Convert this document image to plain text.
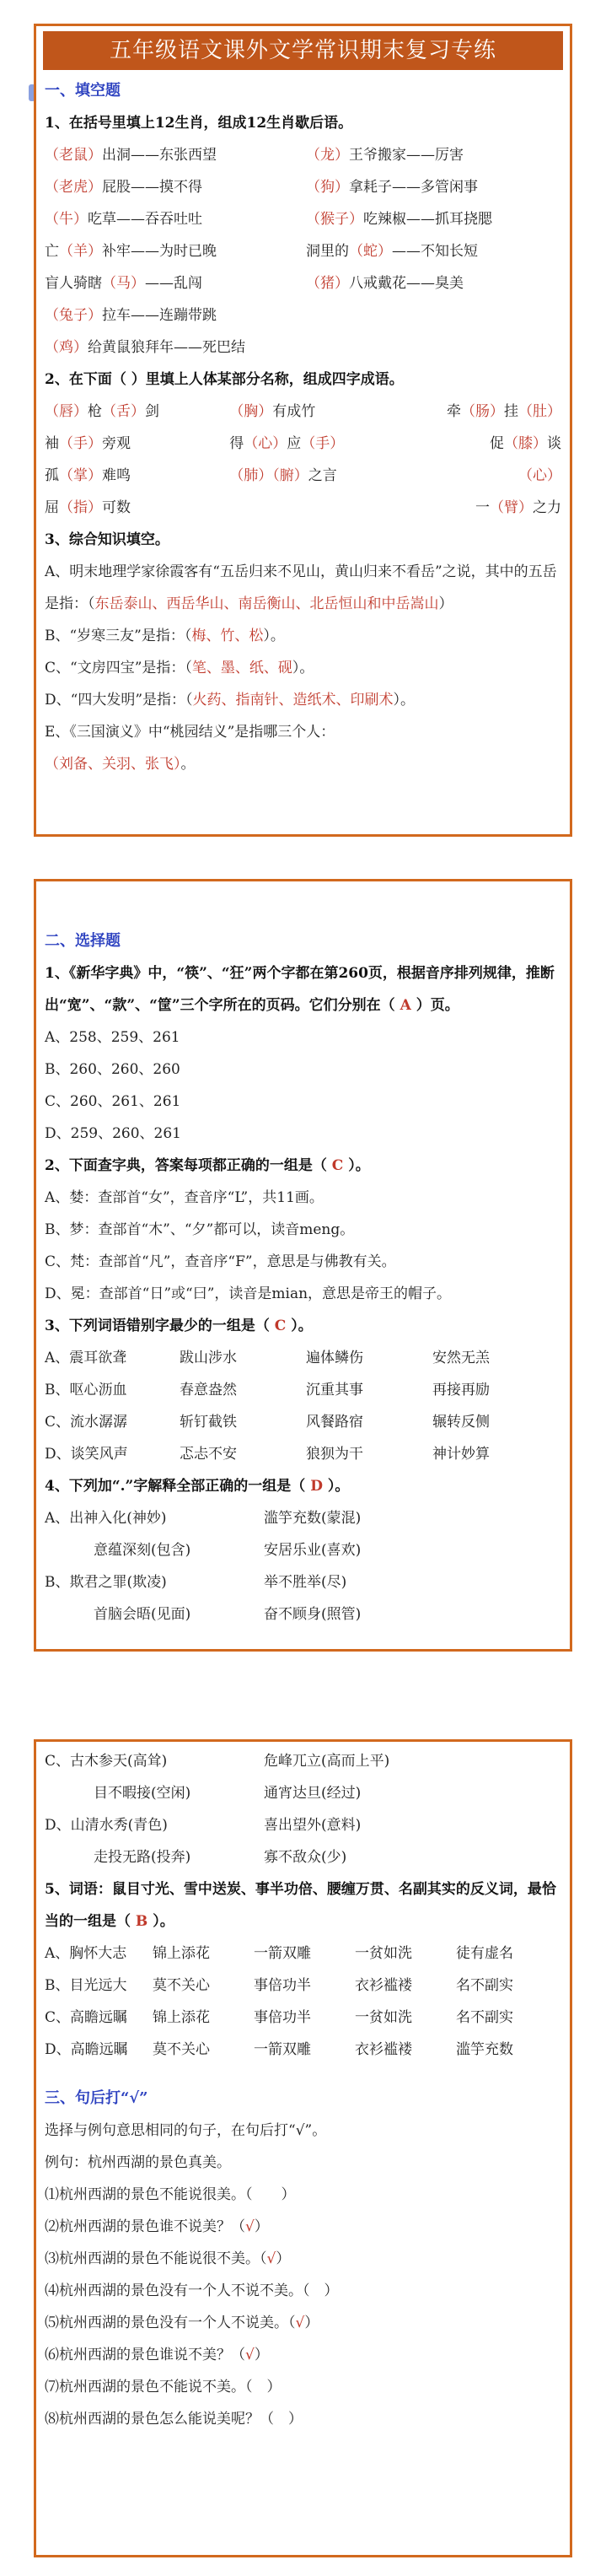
五年级语文课外文学常识期末复习专练
一、填空题
1、在括号里填上12生肖，组成12生肖歇后语。
（老鼠）出洞——东张西望	（龙）王爷搬家——厉害
（老虎）屁股——摸不得	（狗）拿耗子——多管闲事
（牛）吃草——吞吞吐吐	（猴子）吃辣椒——抓耳挠腮
亡（羊）补牢——为时已晚	洞里的（蛇）——不知长短
盲人骑瞎（马）——乱闯	（猪）八戒戴花——臭美
（兔子）拉车——连蹦带跳
（鸡）给黄鼠狼拜年——死巴结
2、在下面（ ）里填上人体某部分名称，组成四字成语。
（唇）枪（舌）剑	（胸）有成竹	牵（肠）挂（肚）
袖（手）旁观	得（心）应（手）	促（膝）谈
孤（掌）难鸣	（肺）（腑）之言	（心）
屈（指）可数	一（臂）之力
3、综合知识填空。
A、明末地理学家徐霞客有“五岳归来不见山，黄山归来不看岳”之说，其中的五岳是指：（东岳泰山、西岳华山、南岳衡山、北岳恒山和中岳嵩山）
B、“岁寒三友”是指：（梅、竹、松）。
C、“文房四宝”是指：（笔、墨、纸、砚）。
D、“四大发明”是指：（火药、指南针、造纸术、印刷术）。
E、《三国演义》中“桃园结义”是指哪三个人：
（刘备、关羽、张飞）。
二、选择题
1、《新华字典》中，“筷”、“狂”两个字都在第260页，根据音序排列规律，推断出“宽”、“款”、“筐”三个字所在的页码。它们分别在（ A ）页。
A、258、259、261
B、260、260、260
C、260、261、261
D、259、260、261
2、下面查字典，答案每项都正确的一组是（ C ）。
A、婪：查部首“女”，查音序“L”，共11画。
B、梦：查部首“木”、“夕”都可以，读音meng。
C、梵：查部首“凡”，查音序“F”，意思是与佛教有关。
D、冕：查部首“日”或“曰”，读音是mian，意思是帝王的帽子。
3、下列词语错别字最少的一组是（ C ）。
A、震耳欲聋	跋山涉水	遍体鳞伤	安然无羔
B、呕心沥血	春意盎然	沉重其事	再接再励
C、流水潺潺	斩钉截铁	风餐路宿	辗转反侧
D、谈笑风声	忑忐不安	狼狈为干	神计妙算
4、下列加“.”字解释全部正确的一组是（ D ）。
A、出神入化(神妙)	滥竽充数(蒙混)
意蕴深刻(包含)	安居乐业(喜欢)
B、欺君之罪(欺凌)	举不胜举(尽)
首脑会晤(见面)	奋不顾身(照管)
C、古木参天(高耸)	危峰兀立(高而上平)
目不暇接(空闲)	通宵达旦(经过)
D、山清水秀(青色)	喜出望外(意料)
走投无路(投奔)	寡不敌众(少)
5、词语：鼠目寸光、雪中送炭、事半功倍、腰缠万贯、名副其实的反义词，最恰当的一组是（ B ）。
A、胸怀大志	锦上添花	一箭双雕	一贫如洗	徒有虚名
B、目光远大	莫不关心	事倍功半	衣衫褴褛	名不副实
C、高瞻远瞩	锦上添花	事倍功半	一贫如洗	名不副实
D、高瞻远瞩	莫不关心	一箭双雕	衣衫褴褛	滥竽充数
三、句后打“√”
选择与例句意思相同的句子，在句后打“√”。
例句：杭州西湖的景色真美。
⑴杭州西湖的景色不能说很美。（　　 ）
⑵杭州西湖的景色谁不说美？（√）
⑶杭州西湖的景色不能说很不美。（√）
⑷杭州西湖的景色没有一个人不说不美。（　 ）
⑸杭州西湖的景色没有一个人不说美。（√）
⑹杭州西湖的景色谁说不美？（√）
⑺杭州西湖的景色不能说不美。（　 ）
⑻杭州西湖的景色怎么能说美呢？（　 ）
